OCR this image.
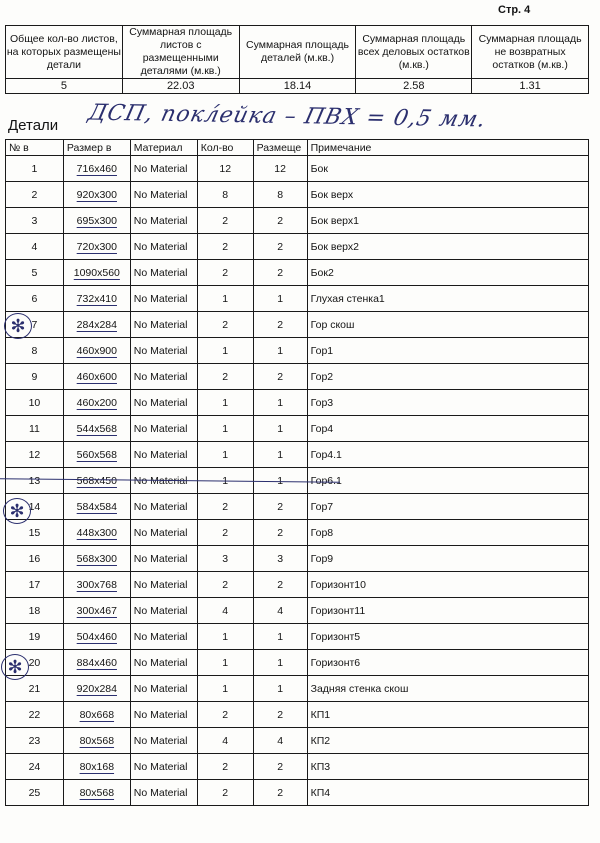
Стр. 4
Общее кол-во листов, на которых размещены детали	Суммарная площадь листов с размещенными деталями (м.кв.)	Суммарная площадь деталей (м.кв.)	Суммарная площадь всех деловых остатков (м.кв.)	Суммарная площадь не возвратных остатков (м.кв.)
5	22.03	18.14	2.58	1.31
Детали ДСП, покл́ейка – ПВХ = 0,5 мм.
№ в	Размер в	Материал	Кол-во	Размеще	Примечание
1	716x460	No Material	12	12	Бок
2	920x300	No Material	8	8	Бок верх
3	695x300	No Material	2	2	Бок верх1
4	720x300	No Material	2	2	Бок верх2
5	1090x560	No Material	2	2	Бок2
6	732x410	No Material	1	1	Глухая стенка1
7	284x284	No Material	2	2	Гор скош
8	460x900	No Material	1	1	Гор1
9	460x600	No Material	2	2	Гор2
10	460x200	No Material	1	1	Гор3
11	544x568	No Material	1	1	Гор4
12	560x568	No Material	1	1	Гор4.1
13	568x450	No Material	1	1	Гор6.1
14	584x584	No Material	2	2	Гор7
15	448x300	No Material	2	2	Гор8
16	568x300	No Material	3	3	Гор9
17	300x768	No Material	2	2	Горизонт10
18	300x467	No Material	4	4	Горизонт11
19	504x460	No Material	1	1	Горизонт5
20	884x460	No Material	1	1	Горизонт6
21	920x284	No Material	1	1	Задняя стенка скош
22	80x668	No Material	2	2	КП1
23	80x568	No Material	4	4	КП2
24	80x168	No Material	2	2	КП3
25	80x568	No Material	2	2	КП4
✻
✻
✻
